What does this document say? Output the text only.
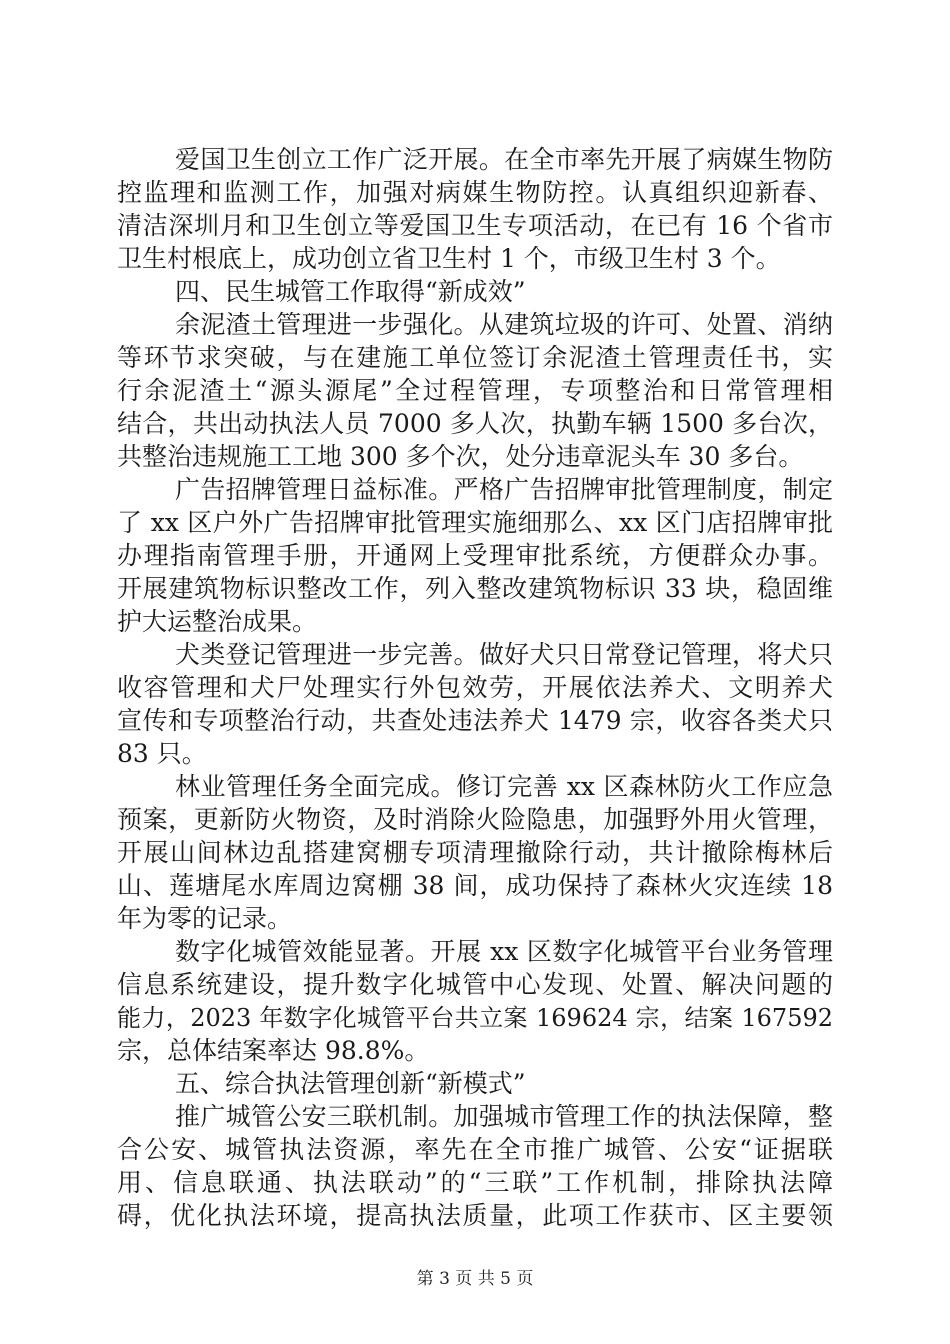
爱国卫生创立工作广泛开展。在全市率先开展了病媒生物防
控监理和监测工作，加强对病媒生物防控。认真组织迎新春、
清洁深圳月和卫生创立等爱国卫生专项活动，在已有 16 个省市
卫生村根底上，成功创立省卫生村 1 个，市级卫生村 3 个。
四、民生城管工作取得“新成效”
余泥渣土管理进一步强化。从建筑垃圾的许可、处置、消纳
等环节求突破，与在建施工单位签订余泥渣土管理责任书，实
行余泥渣土“源头源尾”全过程管理，专项整治和日常管理相
结合，共出动执法人员 7000 多人次，执勤车辆 1500 多台次，
共整治违规施工工地 300 多个次，处分违章泥头车 30 多台。
广告招牌管理日益标准。严格广告招牌审批管理制度，制定
了 xx 区户外广告招牌审批管理实施细那么、xx 区门店招牌审批
办理指南管理手册，开通网上受理审批系统，方便群众办事。
开展建筑物标识整改工作，列入整改建筑物标识 33 块，稳固维
护大运整治成果。
犬类登记管理进一步完善。做好犬只日常登记管理，将犬只
收容管理和犬尸处理实行外包效劳，开展依法养犬、文明养犬
宣传和专项整治行动，共查处违法养犬 1479 宗，收容各类犬只
83 只。
林业管理任务全面完成。修订完善 xx 区森林防火工作应急
预案，更新防火物资，及时消除火险隐患，加强野外用火管理，
开展山间林边乱搭建窝棚专项清理撤除行动，共计撤除梅林后
山、莲塘尾水库周边窝棚 38 间，成功保持了森林火灾连续 18
年为零的记录。
数字化城管效能显著。开展 xx 区数字化城管平台业务管理
信息系统建设，提升数字化城管中心发现、处置、解决问题的
能力，2023 年数字化城管平台共立案 169624 宗，结案 167592
宗，总体结案率达 98.8%。
五、综合执法管理创新“新模式”
推广城管公安三联机制。加强城市管理工作的执法保障，整
合公安、城管执法资源，率先在全市推广城管、公安“证据联
用、信息联通、执法联动”的“三联”工作机制，排除执法障
碍，优化执法环境，提高执法质量，此项工作获市、区主要领
第 3 页 共 5 页
